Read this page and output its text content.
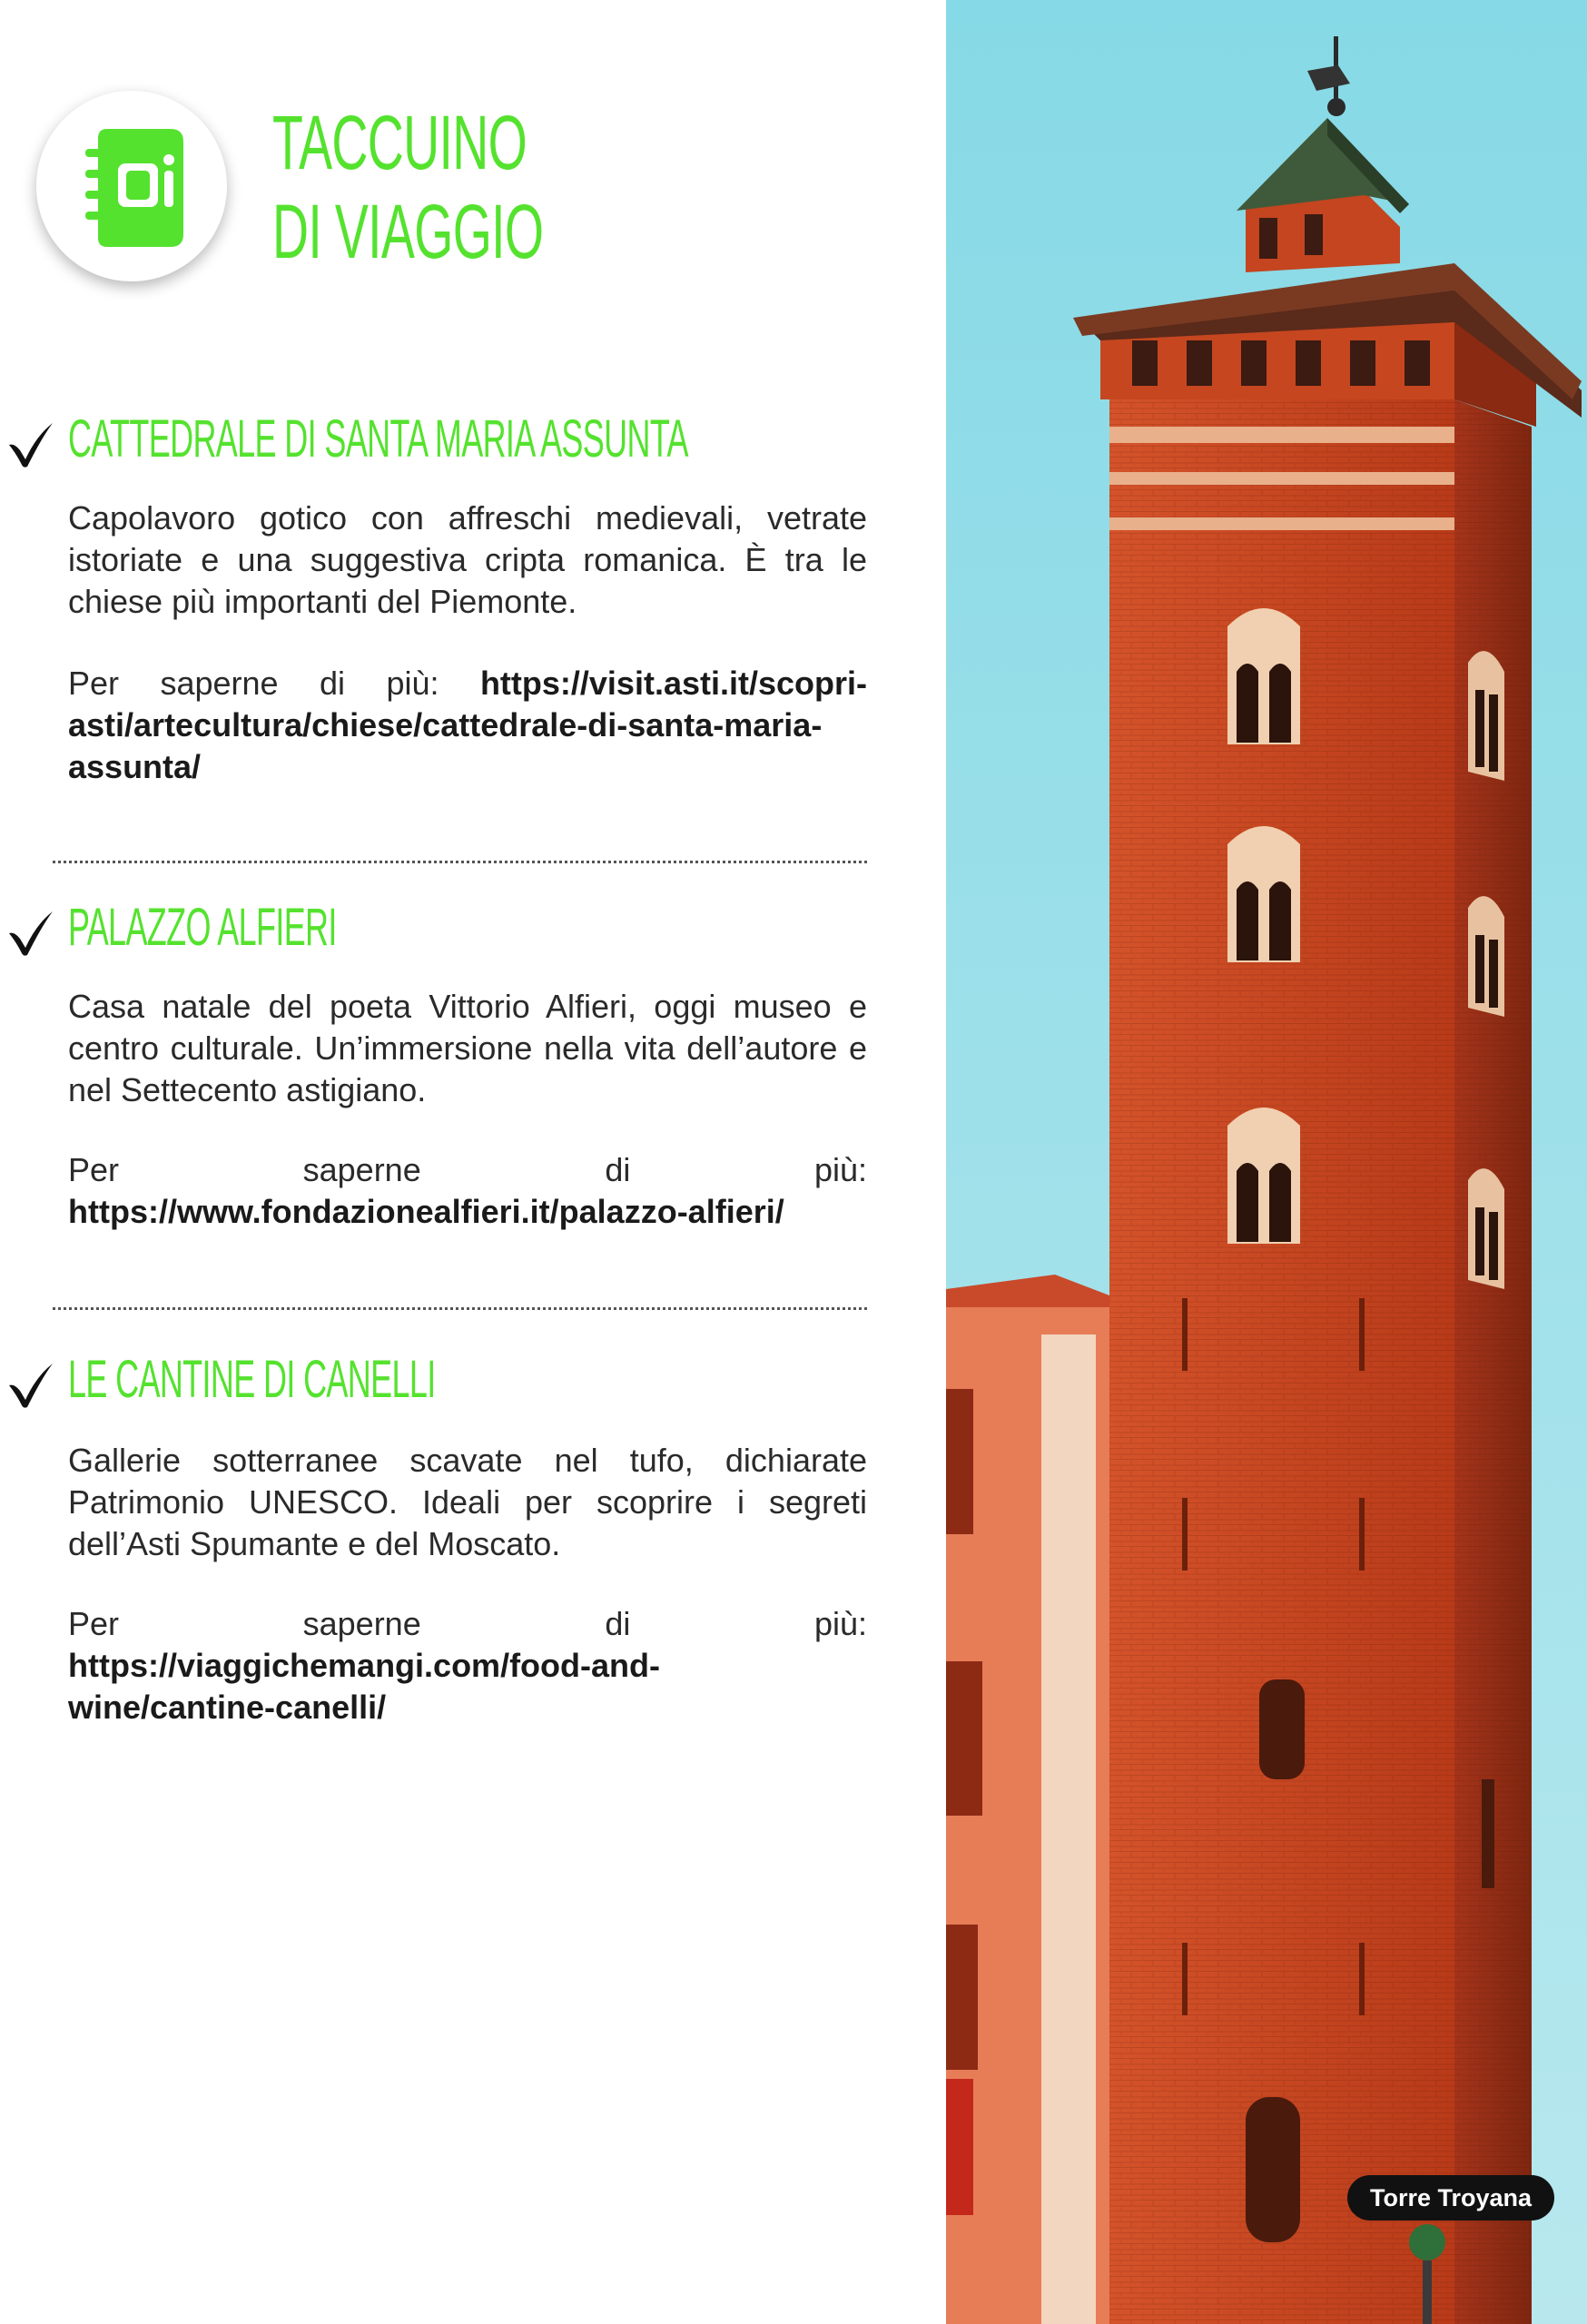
TACCUINO
DI VIAGGIO
CATTEDRALE DI SANTA MARIA ASSUNTA

Capolavoro gotico con affreschi medievali, vetrate istoriate e una suggestiva cripta romanica. È tra le chiese più importanti del Piemonte.

Per saperne di più: https://visit.asti.it/scopri-asti/artecultura/chiese/cattedrale-di-santa-maria-assunta/

PALAZZO ALFIERI

Casa natale del poeta Vittorio Alfieri, oggi museo e centro culturale. Un’immersione nella vita dell’autore e nel Settecento astigiano.

Per saperne di più: https://www.fondazionealfieri.it/palazzo-alfieri/

LE CANTINE DI CANELLI

Gallerie sotterranee scavate nel tufo, dichiarate Patrimonio UNESCO. Ideali per scoprire i segreti dell’Asti Spumante e del Moscato.

Per saperne di più: https://viaggichemangi.com/food-and-wine/cantine-canelli/

Torre Troyana
